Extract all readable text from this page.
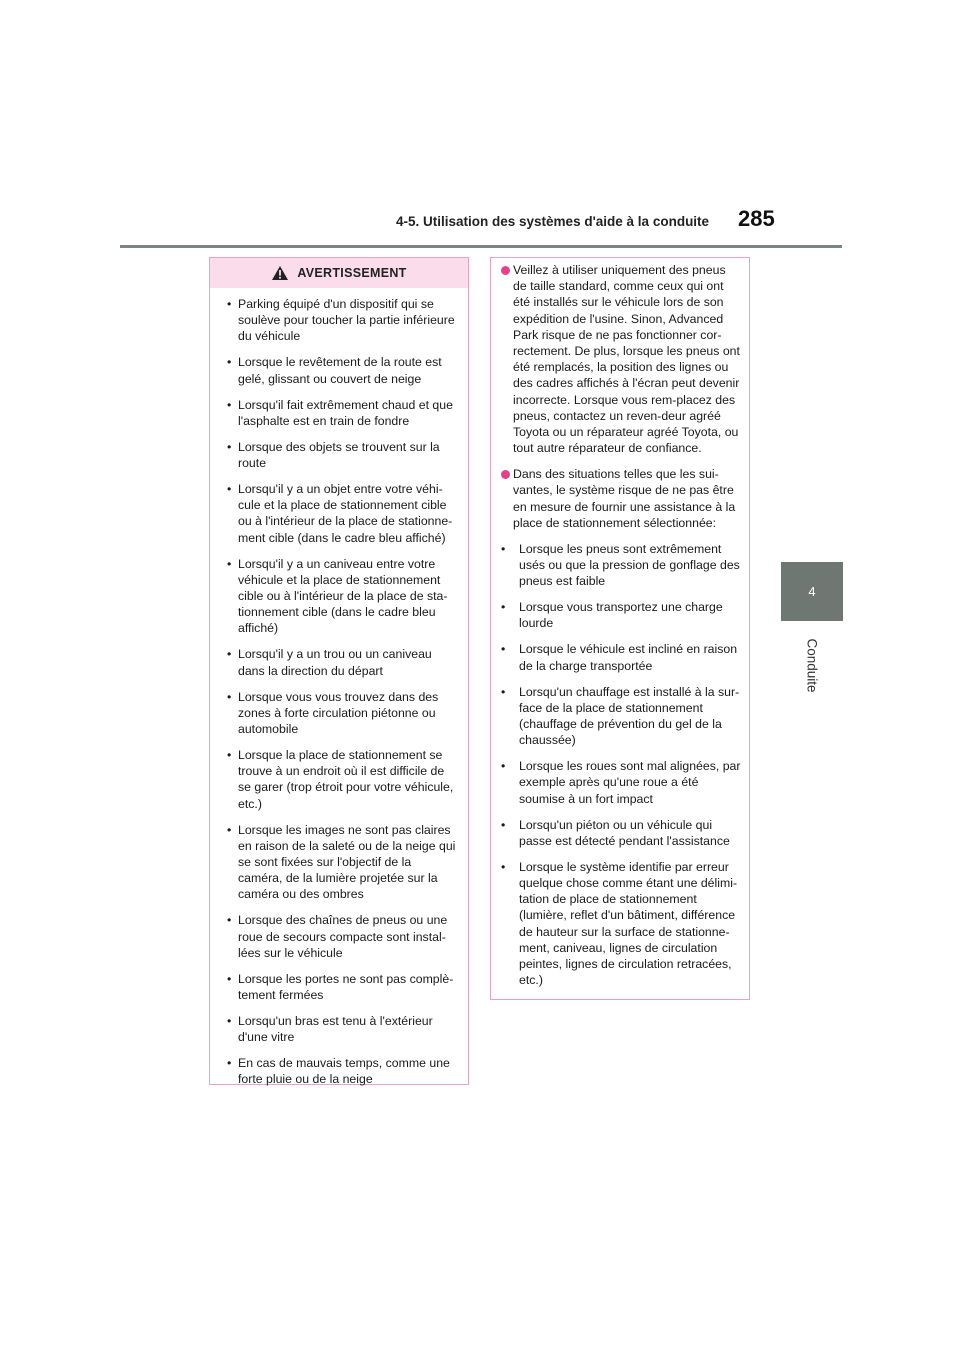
4-5. Utilisation des systèmes d'aide à la conduite 285
4
Conduite
AVERTISSEMENT
• Parking équipé d'un dispositif qui se soulève pour toucher la partie inférieure du véhicule
• Lorsque le revêtement de la route est gelé, glissant ou couvert de neige
• Lorsqu'il fait extrêmement chaud et que l'asphalte est en train de fondre
• Lorsque des objets se trouvent sur la route
• Lorsqu'il y a un objet entre votre véhi-cule et la place de stationnement cible ou à l'intérieur de la place de stationne-ment cible (dans le cadre bleu affiché)
• Lorsqu'il y a un caniveau entre votre véhicule et la place de stationnement cible ou à l'intérieur de la place de sta-tionnement cible (dans le cadre bleu affiché)
• Lorsqu'il y a un trou ou un caniveau dans la direction du départ
• Lorsque vous vous trouvez dans des zones à forte circulation piétonne ou automobile
• Lorsque la place de stationnement se trouve à un endroit où il est difficile de se garer (trop étroit pour votre véhicule, etc.)
• Lorsque les images ne sont pas claires en raison de la saleté ou de la neige qui se sont fixées sur l'objectif de la caméra, de la lumière projetée sur la caméra ou des ombres
• Lorsque des chaînes de pneus ou une roue de secours compacte sont instal-lées sur le véhicule
• Lorsque les portes ne sont pas complè-tement fermées
• Lorsqu'un bras est tenu à l'extérieur d'une vitre
• En cas de mauvais temps, comme une forte pluie ou de la neige
Veillez à utiliser uniquement des pneus de taille standard, comme ceux qui ont été installés sur le véhicule lors de son expédition de l'usine. Sinon, Advanced Park risque de ne pas fonctionner cor-rectement. De plus, lorsque les pneus ont été remplacés, la position des lignes ou des cadres affichés à l'écran peut devenir incorrecte. Lorsque vous rem-placez des pneus, contactez un reven-deur agréé Toyota ou un réparateur agréé Toyota, ou tout autre réparateur de confiance.
Dans des situations telles que les sui-vantes, le système risque de ne pas être en mesure de fournir une assistance à la place de stationnement sélectionnée:
• Lorsque les pneus sont extrêmement usés ou que la pression de gonflage des pneus est faible
• Lorsque vous transportez une charge lourde
• Lorsque le véhicule est incliné en raison de la charge transportée
• Lorsqu'un chauffage est installé à la sur-face de la place de stationnement (chauffage de prévention du gel de la chaussée)
• Lorsque les roues sont mal alignées, par exemple après qu'une roue a été soumise à un fort impact
• Lorsqu'un piéton ou un véhicule qui passe est détecté pendant l'assistance
• Lorsque le système identifie par erreur quelque chose comme étant une délimi-tation de place de stationnement (lumière, reflet d'un bâtiment, différence de hauteur sur la surface de stationne-ment, caniveau, lignes de circulation peintes, lignes de circulation retracées, etc.)
